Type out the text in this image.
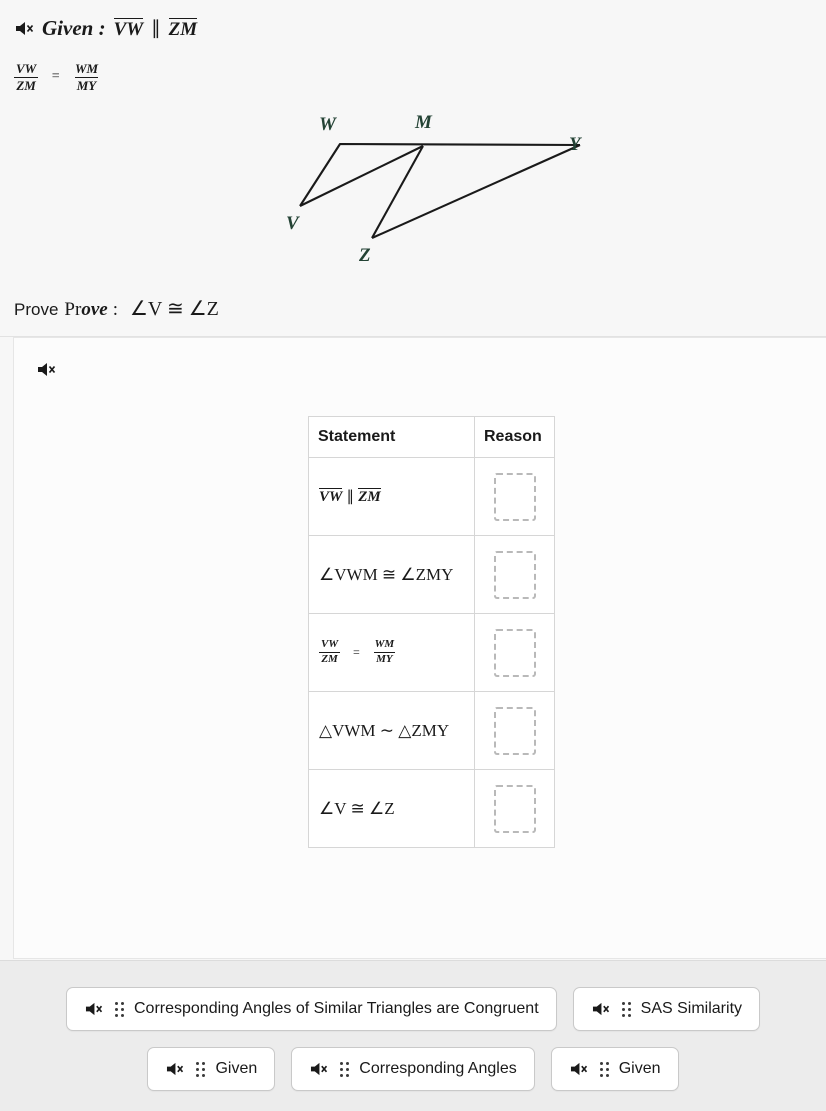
Given : VW ∥ ZM
$\frac{VW}{ZM} = \frac{WM}{MY}$
W	M
Y
V
Z
Prove Pr ove : ∠V ≅ ∠Z
Statement	Reason
VW ∥ ZM	

∠VWM ≅ ∠ZMY	

$\frac{VW}{ZM} = \frac{WM}{MY}$

△VWM ∼ △ZMY	

∠V ≅ ∠Z	
Corresponding Angles of Similar Triangles are Congruent	SAS Similarity
Given	Corresponding Angles	Given
